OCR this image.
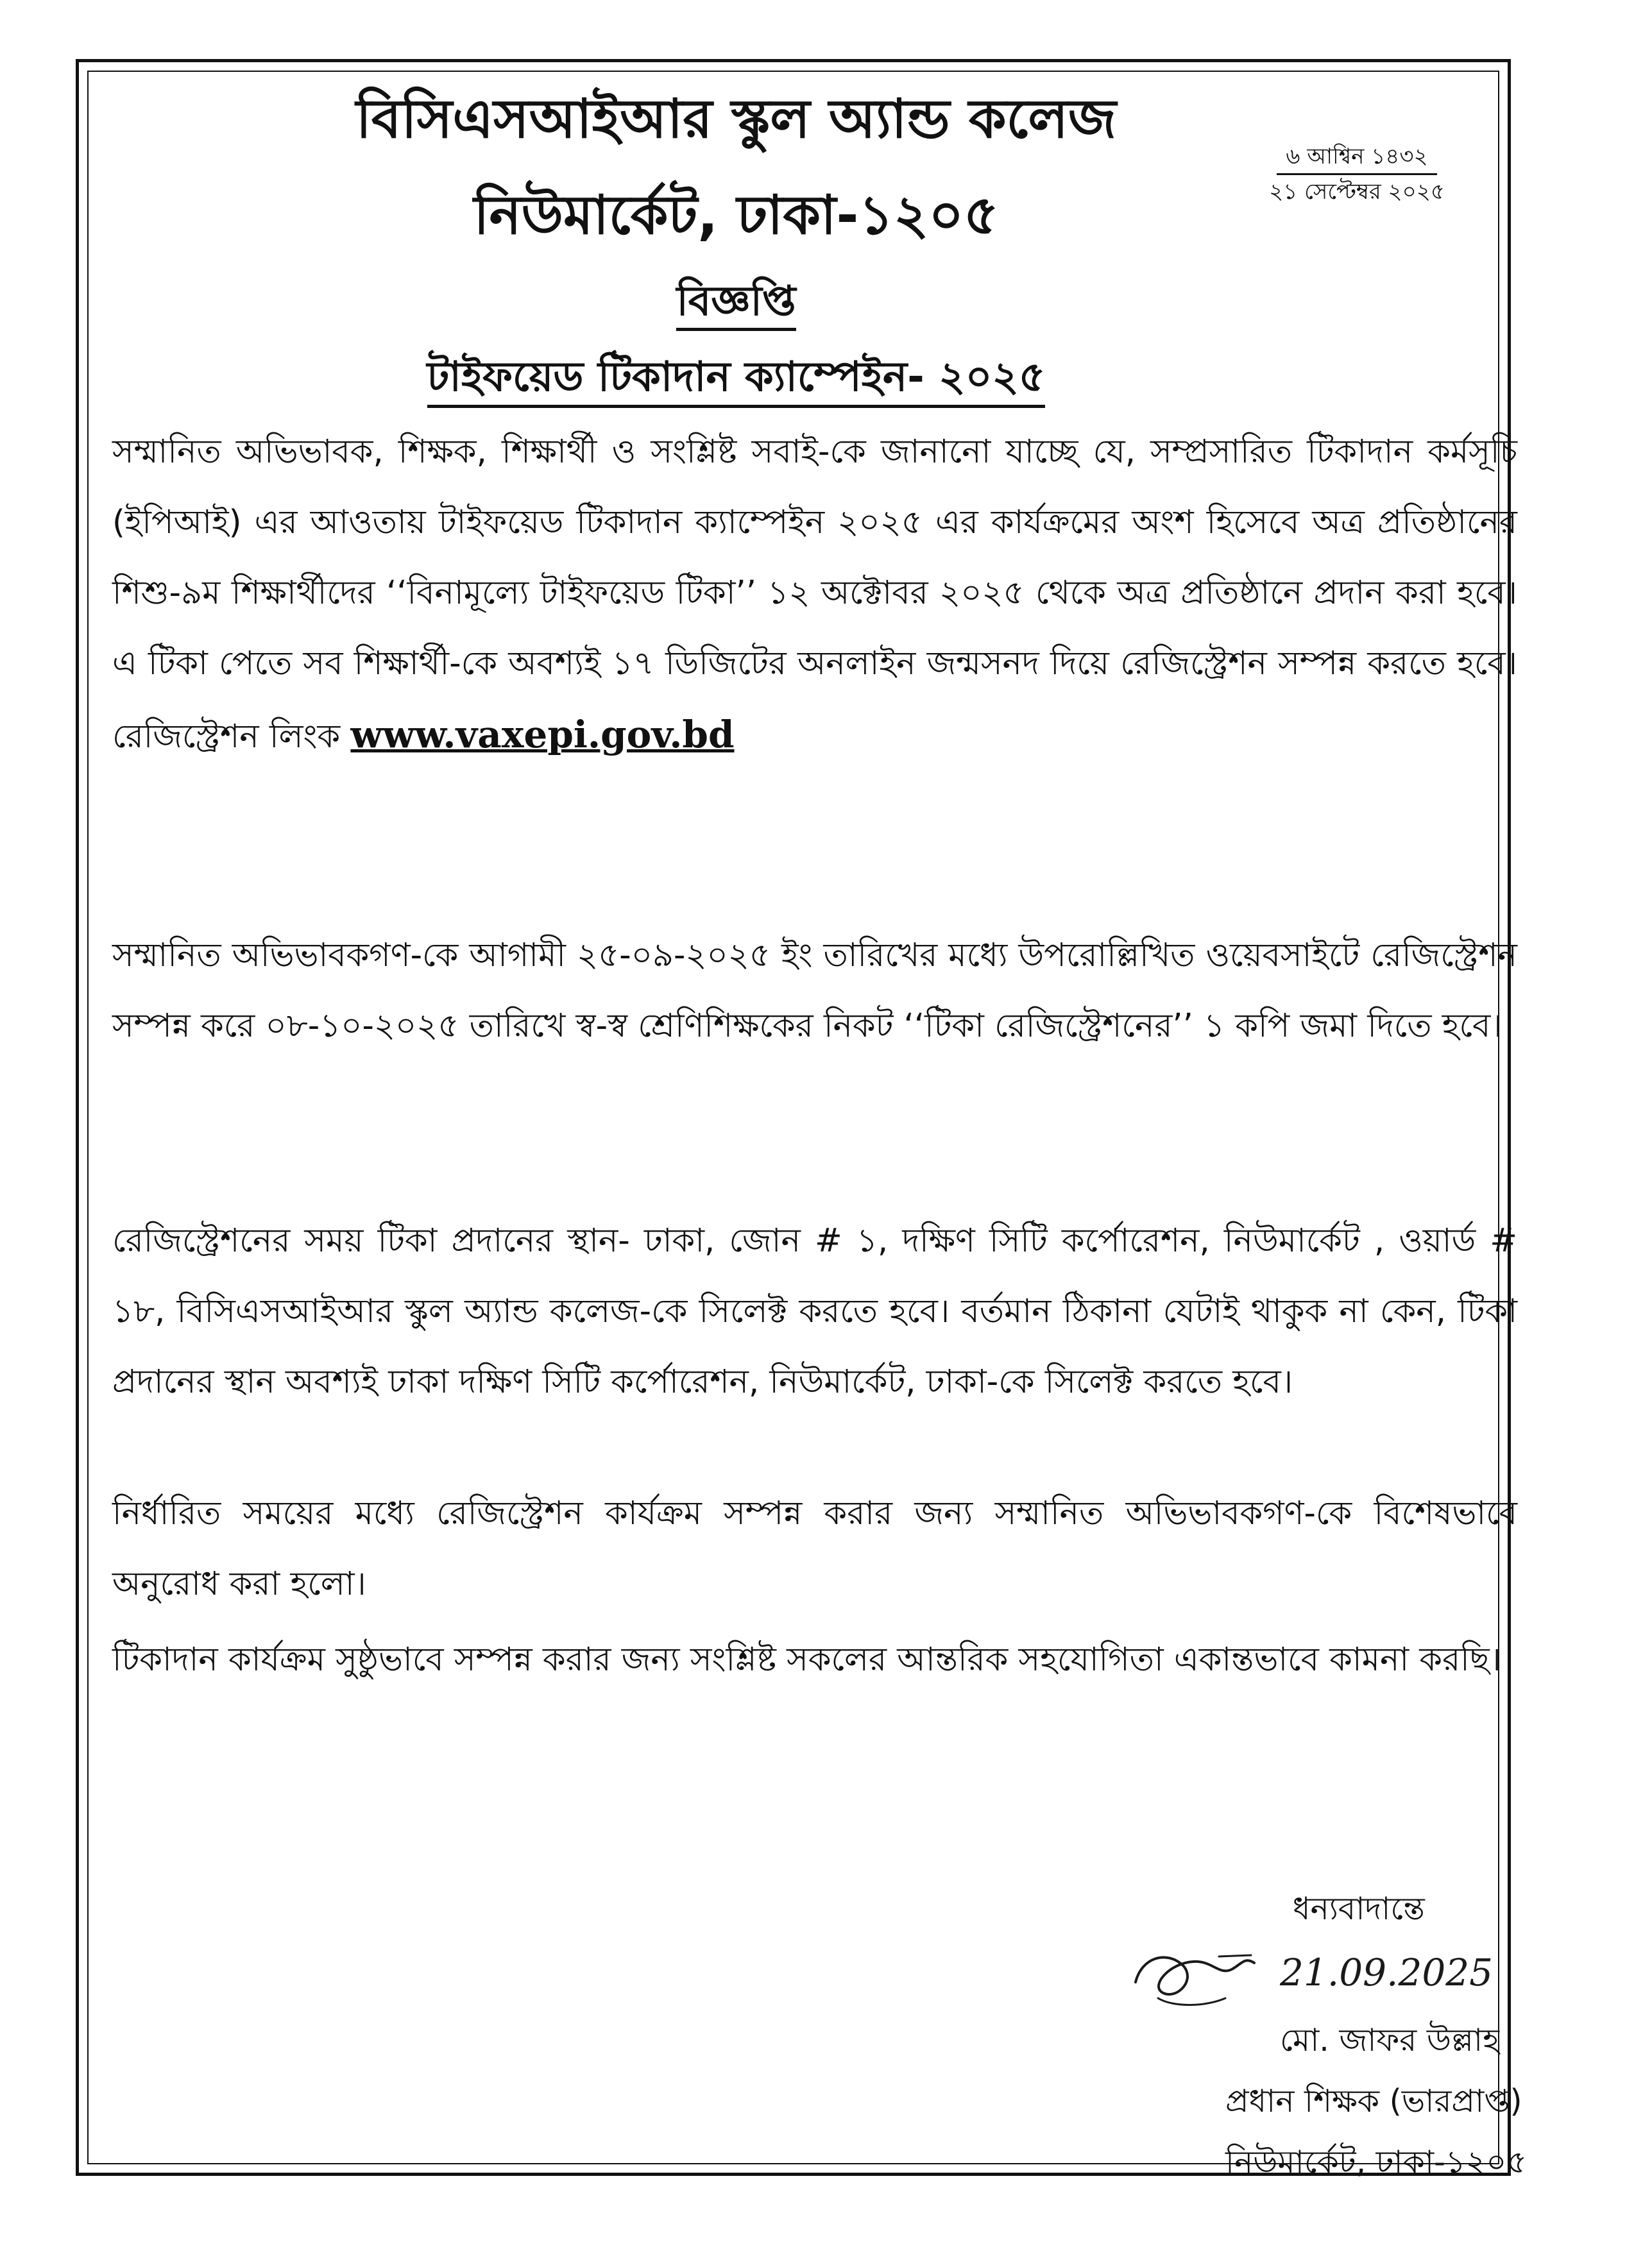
বিসিএসআইআর স্কুল অ্যান্ড কলেজ
নিউমার্কেট, ঢাকা-১২০৫
৬ আশ্বিন ১৪৩২
২১ সেপ্টেম্বর ২০২৫
বিজ্ঞপ্তি
টাইফয়েড টিকাদান ক্যাম্পেইন- ২০২৫
সম্মানিত অভিভাবক, শিক্ষক, শিক্ষার্থী ও সংশ্লিষ্ট সবাই-কে জানানো যাচ্ছে যে, সম্প্রসারিত টিকাদান কর্মসূচি (ইপিআই) এর আওতায় টাইফয়েড টিকাদান ক্যাম্পেইন ২০২৫ এর কার্যক্রমের অংশ হিসেবে অত্র প্রতিষ্ঠানের শিশু-৯ম শিক্ষার্থীদের ‘‘বিনামূল্যে টাইফয়েড টিকা’’ ১২ অক্টোবর ২০২৫ থেকে অত্র প্রতিষ্ঠানে প্রদান করা হবে। এ টিকা পেতে সব শিক্ষার্থী-কে অবশ্যই ১৭ ডিজিটের অনলাইন জন্মসনদ দিয়ে রেজিস্ট্রেশন সম্পন্ন করতে হবে। রেজিস্ট্রেশন লিংক www.vaxepi.gov.bd
সম্মানিত অভিভাবকগণ-কে আগামী ২৫-০৯-২০২৫ ইং তারিখের মধ্যে উপরোল্লিখিত ওয়েবসাইটে রেজিস্ট্রেশন সম্পন্ন করে ০৮-১০-২০২৫ তারিখে স্ব-স্ব শ্রেণিশিক্ষকের নিকট ‘‘টিকা রেজিস্ট্রেশনের’’ ১ কপি জমা দিতে হবে।
রেজিস্ট্রেশনের সময় টিকা প্রদানের স্থান- ঢাকা, জোন # ১, দক্ষিণ সিটি কর্পোরেশন, নিউমার্কেট , ওয়ার্ড # ১৮, বিসিএসআইআর স্কুল অ্যান্ড কলেজ-কে সিলেক্ট করতে হবে। বর্তমান ঠিকানা যেটাই থাকুক না কেন, টিকা প্রদানের স্থান অবশ্যই ঢাকা দক্ষিণ সিটি কর্পোরেশন, নিউমার্কেট, ঢাকা-কে সিলেক্ট করতে হবে।
নির্ধারিত সময়ের মধ্যে রেজিস্ট্রেশন কার্যক্রম সম্পন্ন করার জন্য সম্মানিত অভিভাবকগণ-কে বিশেষভাবে অনুরোধ করা হলো।
টিকাদান কার্যক্রম সুষ্ঠুভাবে সম্পন্ন করার জন্য সংশ্লিষ্ট সকলের আন্তরিক সহযোগিতা একান্তভাবে কামনা করছি।
ধন্যবাদান্তে
21.09.2025
মো. জাফর উল্লাহ
প্রধান শিক্ষক (ভারপ্রাপ্ত)
নিউমার্কেট, ঢাকা-১২০৫
